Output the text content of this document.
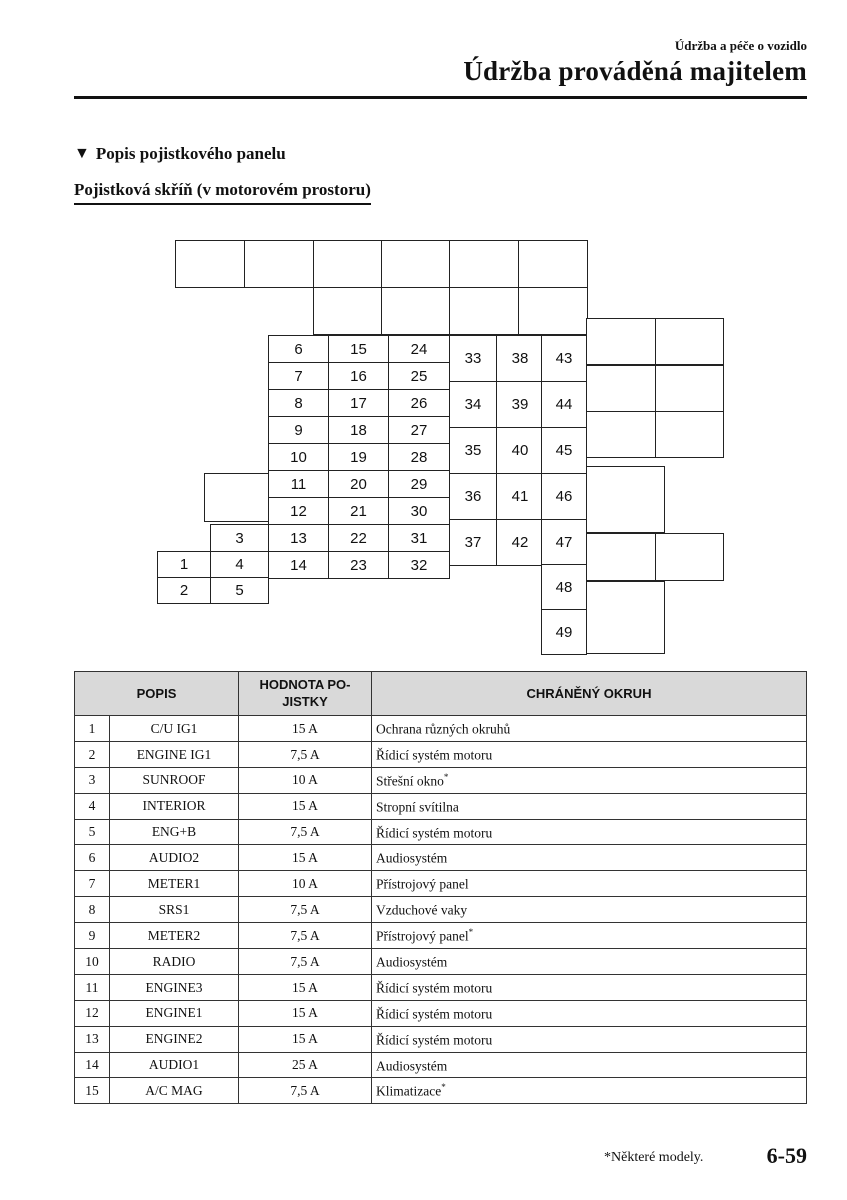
Údržba a péče o vozidlo
Údržba prováděná majitelem
▼ Popis pojistkového panelu
Pojistková skříň (v motorovém prostoru)
6	15	24
7	16	25
8	17	26
9	18	27
10	19	28
11	20	29
12	21	30
13	22	31
14	23	32
3
4
5
1
2
33	38	43
34	39	44
35	40	45
36	41	46
37	42	47
48
49
POPIS		HODNOTA PO-
JISTKY	CHRÁNĚNÝ OKRUH
1	C/U IG1	15 A	Ochrana různých okruhů
2	ENGINE IG1	7,5 A	Řídicí systém motoru
3	SUNROOF	10 A	Střešní okno*
4	INTERIOR	15 A	Stropní svítilna
5	ENG+B	7,5 A	Řídicí systém motoru
6	AUDIO2	15 A	Audiosystém
7	METER1	10 A	Přístrojový panel
8	SRS1	7,5 A	Vzduchové vaky
9	METER2	7,5 A	Přístrojový panel*
10	RADIO	7,5 A	Audiosystém
11	ENGINE3	15 A	Řídicí systém motoru
12	ENGINE1	15 A	Řídicí systém motoru
13	ENGINE2	15 A	Řídicí systém motoru
14	AUDIO1	25 A	Audiosystém
15	A/C MAG	7,5 A	Klimatizace*
*Některé modely.	6-59
